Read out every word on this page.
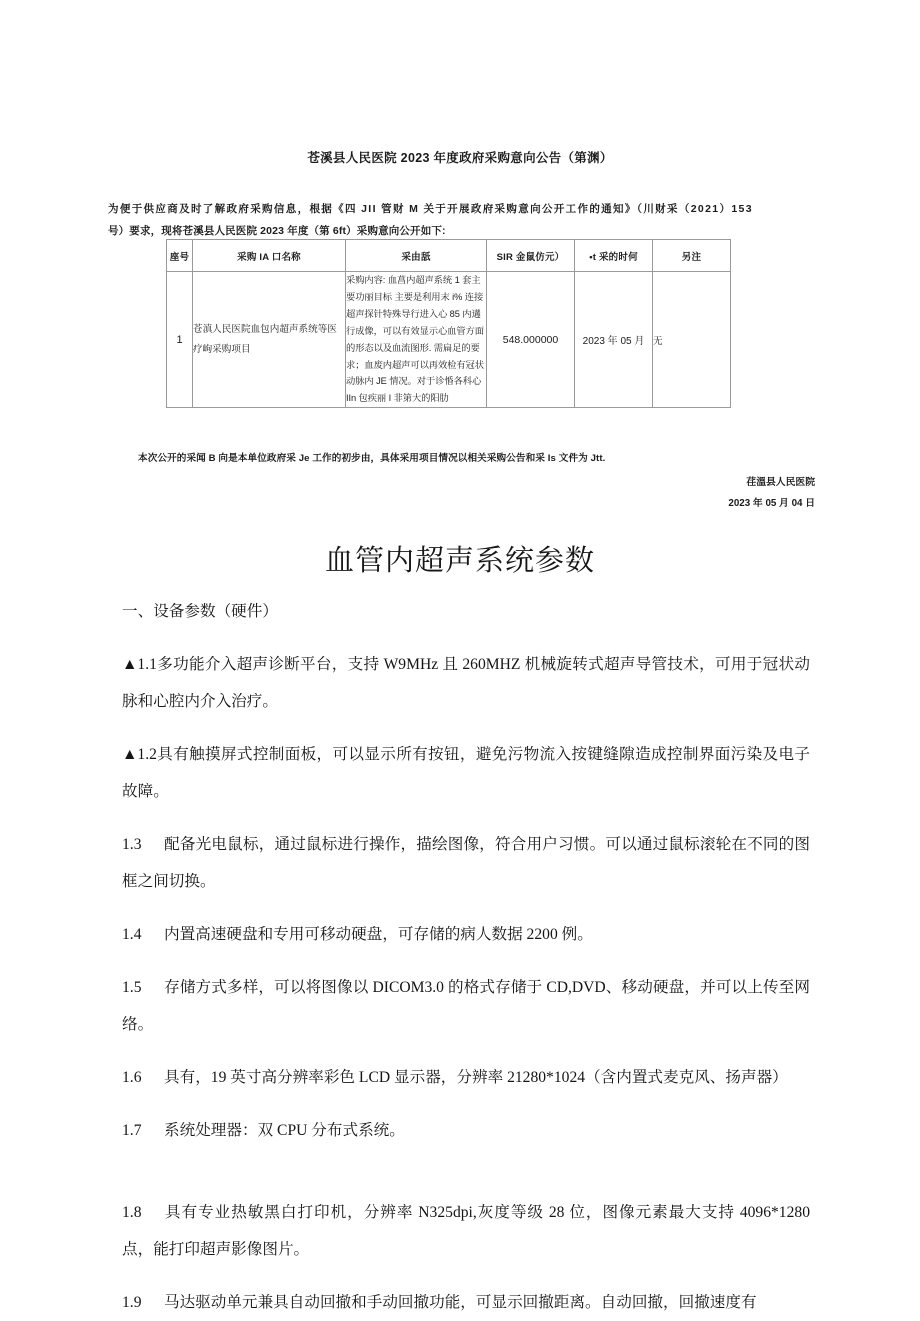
苍溪县人民医院 2023 年度政府采购意向公告（第渊）
为便于供应商及时了解政府采购信息，根据《四 JII 管财 M 关于开展政府采购意向公开工作的通知》（川财采（2021）153
号）要求，现将苍溪县人民医院 2023 年度（第 6ft）采购意向公开如下:
座号	采购 IA 口名称	采由舐	SIR 金鼠仿元）	•t 采的时何	另注
1	苍滇人民医院血包内超声系统等医疗岣采购项目	采购内容: 血菖内超声系统 1 套主要功丽目标 主要是利用末 i% 连接超声探针特殊导行进入心 85 内遘行成像，可以有效显示心血管方面的形态以及血流图形. 需扁足的要求；血废内超声可以再效检有冠状动脉内 JE 情况。对于诊惛各科心 IIn 包疾丽 I 非第大的阳肋	548.000000	2023 年 05 月	无
本次公开的采闻 B 向是本单位政府采 Je 工作的初步由，具体采用项目情况以相关采购公告和采 Is 文件为 Jtt.
荏溫县人民医院
2023 年 05 月 04 日
血管内超声系统参数

一、设备参数（硬件）

▲1.1多功能介入超声诊断平台，支持 W9MHz 且 260MHZ 机械旋转式超声导管技术，可用于冠状动脉和心腔内介入治疗。

▲1.2具有触摸屏式控制面板，可以显示所有按钮，避免污物流入按键缝隙造成控制界面污染及电子故障。

1.3 配备光电鼠标，通过鼠标进行操作，描绘图像，符合用户习惯。可以通过鼠标滚轮在不同的图框之间切换。

1.4 内置高速硬盘和专用可移动硬盘，可存储的病人数据 2200 例。

1.5 存储方式多样，可以将图像以 DICOM3.0 的格式存储于 CD,DVD、移动硬盘，并可以上传至网络。

1.6 具有，19 英寸高分辨率彩色 LCD 显示器，分辨率 21280*1024（含内置式麦克风、扬声器）

1.7 系统处理器：双 CPU 分布式系统。

1.8 具有专业热敏黑白打印机，分辨率 N325dpi,灰度等级 28 位，图像元素最大支持 4096*1280 点，能打印超声影像图片。

1.9 马达驱动单元兼具自动回撤和手动回撤功能，可显示回撤距离。自动回撤，回撤速度有
